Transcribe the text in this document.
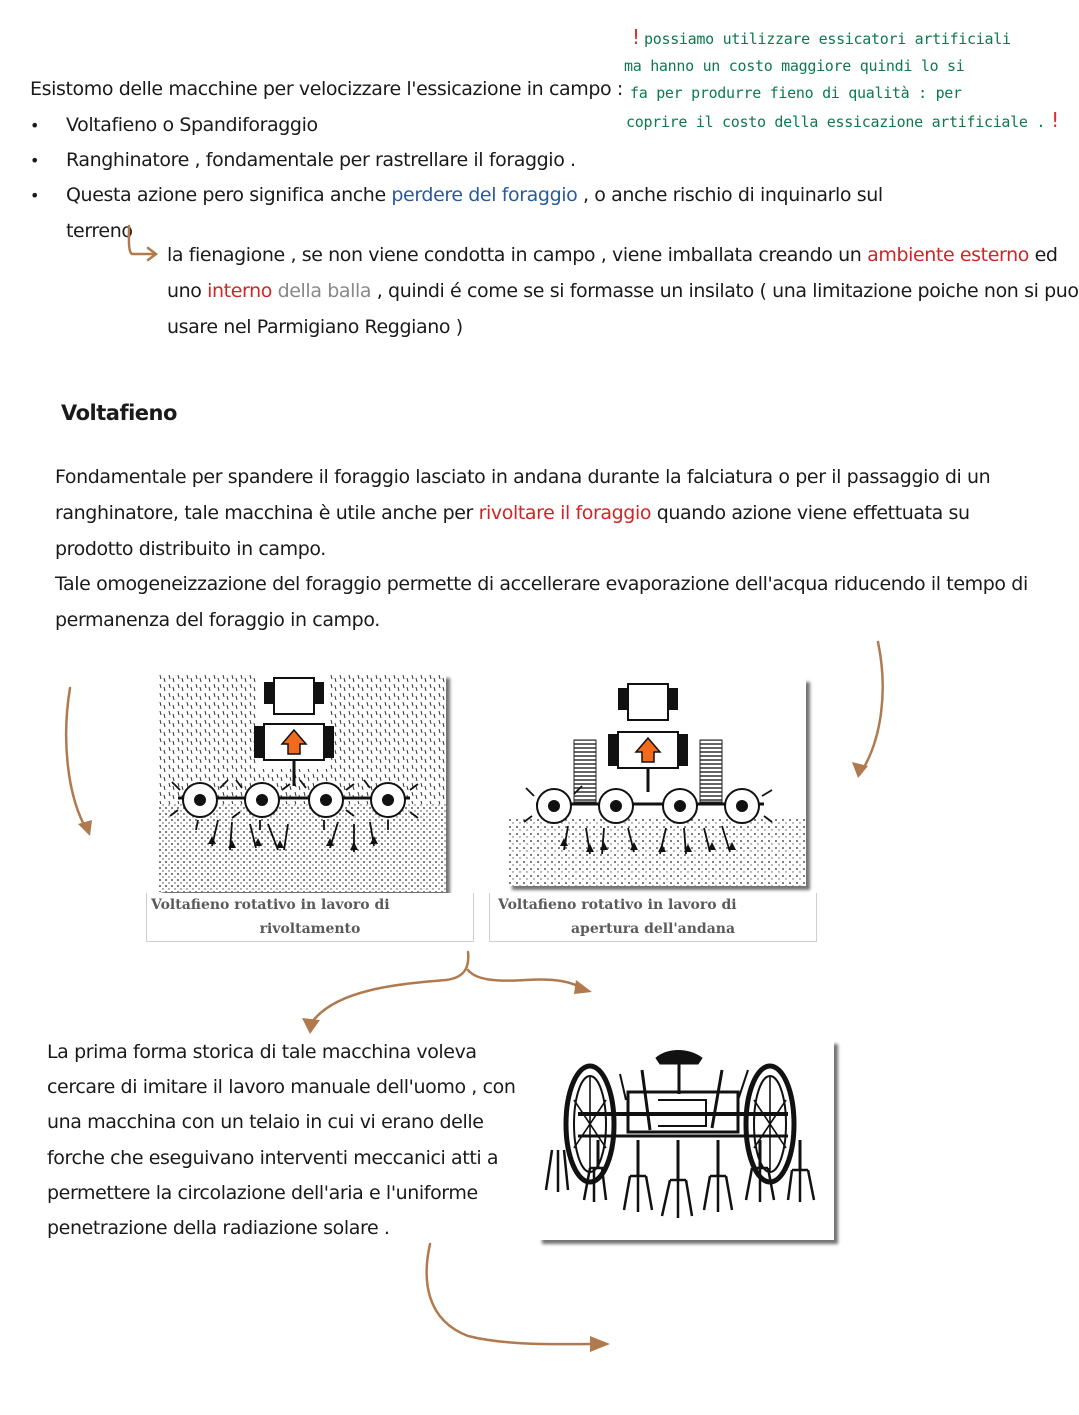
! possiamo utilizzare essicatori artificiali
ma hanno un costo maggiore quindi lo si
fa per produrre fieno di qualità : per
coprire il costo della essicazione artificiale . !
Esistomo delle macchine per velocizzare l'essicazione in campo :
• Voltafieno o Spandiforaggio
• Ranghinatore , fondamentale per rastrellare il foraggio .
• Questa azione pero significa anche perdere del foraggio , o anche rischio di inquinarlo sul
terreno
la fienagione , se non viene condotta in campo , viene imballata creando un ambiente esterno ed
uno interno della balla , quindi é come se si formasse un insilato ( una limitazione poiche non si puo
usare nel Parmigiano Reggiano )
Voltafieno
Fondamentale per spandere il foraggio lasciato in andana durante la falciatura o per il passaggio di un
ranghinatore, tale macchina è utile anche per rivoltare il foraggio quando azione viene effettuata su
prodotto distribuito in campo.
Tale omogeneizzazione del foraggio permette di accellerare evaporazione dell'acqua riducendo il tempo di
permanenza del foraggio in campo.
Voltafieno rotativo in lavoro di
rivoltamento
Voltafieno rotativo in lavoro di
apertura dell'andana
La prima forma storica di tale macchina voleva
cercare di imitare il lavoro manuale dell'uomo , con
una macchina con un telaio in cui vi erano delle
forche che eseguivano interventi meccanici atti a
permettere la circolazione dell'aria e l'uniforme
penetrazione della radiazione solare .
